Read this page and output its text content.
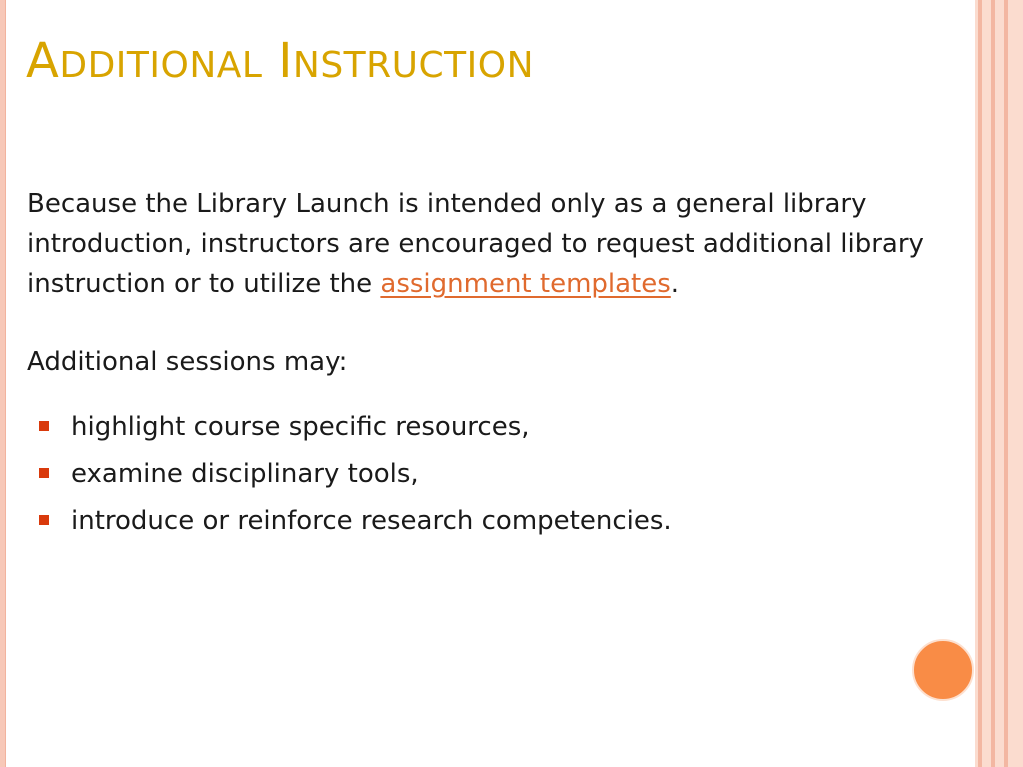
ADDITIONAL INSTRUCTION

Because the Library Launch is intended only as a general library introduction, instructors are encouraged to request additional library instruction or to utilize the assignment templates.

Additional sessions may:

highlight course specific resources,
examine disciplinary tools,
introduce or reinforce research competencies.
